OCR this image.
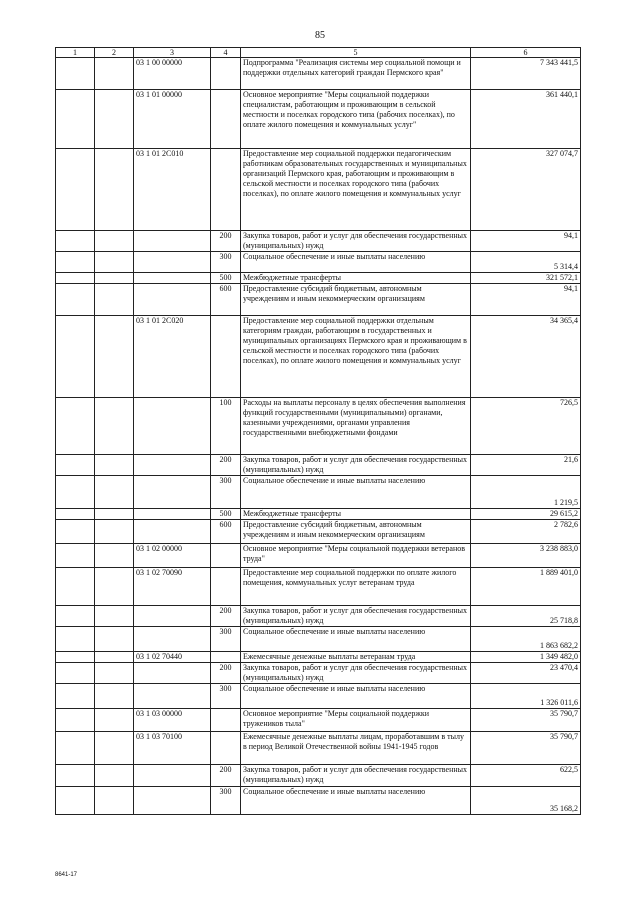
85
1	2	3	4	5	6
		03 1 00 00000		Подпрограмма "Реализация системы мер социальной помощи и поддержки отдельных категорий граждан Пермского края"	7 343 441,5
		03 1 01 00000		Основное мероприятие "Меры социальной поддержки специалистам, работающим и проживающим в сельской местности и поселках городского типа (рабочих поселках), по оплате жилого помещения и коммунальных услуг"	361 440,1
		03 1 01 2С010		Предоставление мер социальной поддержки педагогическим работникам образовательных государственных и муниципальных организаций Пермского края, работающим и проживающим в сельской местности и поселках городского типа (рабочих поселках), по оплате жилого помещения и коммунальных услуг	327 074,7
			200	Закупка товаров, работ и услуг для обеспечения государственных (муниципальных) нужд	94,1
			300	Социальное обеспечение и иные выплаты населению	5 314,4
			500	Межбюджетные трансферты	321 572,1
			600	Предоставление субсидий бюджетным, автономным учреждениям и иным некоммерческим организациям	94,1
		03 1 01 2С020		Предоставление мер социальной поддержки отдельным категориям граждан, работающим в государственных и муниципальных организациях Пермского края и проживающим в сельской местности и поселках городского типа (рабочих поселках), по оплате жилого помещения и коммунальных услуг	34 365,4
			100	Расходы на выплаты персоналу в целях обеспечения выполнения функций государственными (муниципальными) органами, казенными учреждениями, органами управления государственными внебюджетными фондами	726,5
			200	Закупка товаров, работ и услуг для обеспечения государственных (муниципальных) нужд	21,6
			300	Социальное обеспечение и иные выплаты населению	1 219,5
			500	Межбюджетные трансферты	29 615,2
			600	Предоставление субсидий бюджетным, автономным учреждениям и иным некоммерческим организациям	2 782,6
		03 1 02 00000		Основное мероприятие "Меры социальной поддержки ветеранов труда"	3 238 883,0
		03 1 02 70090		Предоставление мер социальной поддержки по оплате жилого помещения, коммунальных услуг ветеранам труда	1 889 401,0
			200	Закупка товаров, работ и услуг для обеспечения государственных (муниципальных) нужд	25 718,8
			300	Социальное обеспечение и иные выплаты населению	1 863 682,2
		03 1 02 70440		Ежемесячные денежные выплаты ветеранам труда	1 349 482,0
			200	Закупка товаров, работ и услуг для обеспечения государственных (муниципальных) нужд	23 470,4
			300	Социальное обеспечение и иные выплаты населению	1 326 011,6
		03 1 03 00000		Основное мероприятие "Меры социальной поддержки тружеников тыла"	35 790,7
		03 1 03 70100		Ежемесячные денежные выплаты лицам, проработавшим в тылу в период Великой Отечественной войны 1941-1945 годов	35 790,7
			200	Закупка товаров, работ и услуг для обеспечения государственных (муниципальных) нужд	622,5
			300	Социальное обеспечение и иные выплаты населению	35 168,2
8641-17
